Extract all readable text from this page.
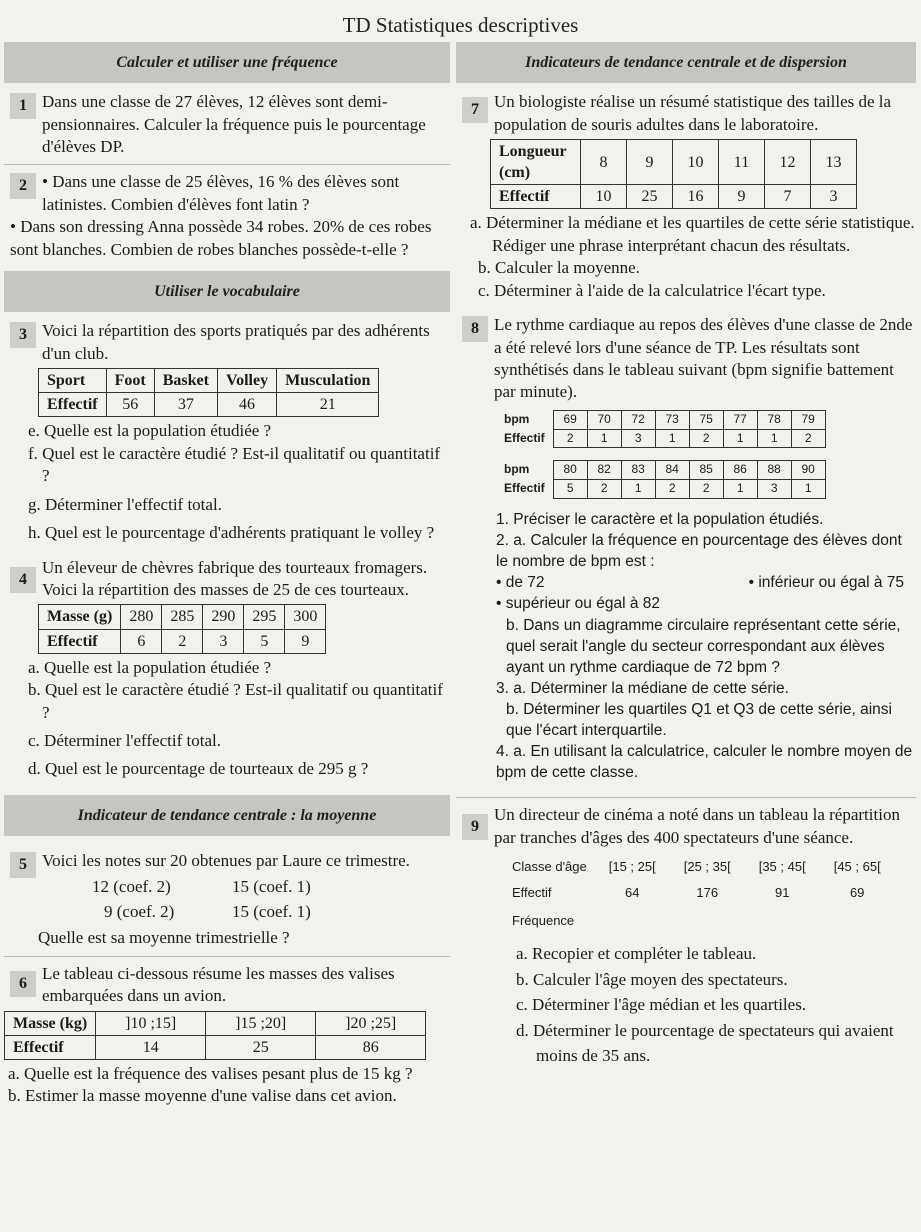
TD Statistiques descriptives
Calculer et utiliser une fréquence
1 Dans une classe de 27 élèves, 12 élèves sont demi-pensionnaires. Calculer la fréquence puis le pourcentage d'élèves DP.
2 • Dans une classe de 25 élèves, 16 % des élèves sont latinistes. Combien d'élèves font latin ?
• Dans son dressing Anna possède 34 robes. 20% de ces robes sont blanches. Combien de robes blanches possède-t-elle ?
Utiliser le vocabulaire
3 Voici la répartition des sports pratiqués par des adhérents d'un club.
Sport	Foot	Basket	Volley	Musculation
Effectif	56	37	46	21
e. Quelle est la population étudiée ?
f. Quel est le caractère étudié ? Est-il qualitatif ou quantitatif ?
g. Déterminer l'effectif total.
h. Quel est le pourcentage d'adhérents pratiquant le volley ?
4
Un éleveur de chèvres fabrique des tourteaux fromagers. Voici la répartition des masses de 25 de ces tourteaux.
Masse (g)	280	285	290	295	300
Effectif	6	2	3	5	9
a. Quelle est la population étudiée ?
b. Quel est le caractère étudié ? Est-il qualitatif ou quantitatif ?
c. Déterminer l'effectif total.
d. Quel est le pourcentage de tourteaux de 295 g ?
Indicateur de tendance centrale : la moyenne
5 Voici les notes sur 20 obtenues par Laure ce trimestre.
12 (coef. 2)	15 (coef. 1)
9 (coef. 2)	15 (coef. 1)
Quelle est sa moyenne trimestrielle ?
6
Le tableau ci-dessous résume les masses des valises embarquées dans un avion.
Masse (kg)	]10 ;15]	]15 ;20]	]20 ;25]
Effectif	14	25	86
a. Quelle est la fréquence des valises pesant plus de 15 kg ?
b. Estimer la masse moyenne d'une valise dans cet avion.
Indicateurs de tendance centrale et de dispersion
7 Un biologiste réalise un résumé statistique des tailles de la population de souris adultes dans le laboratoire.
Longueur (cm)	8	9	10	11	12	13
Effectif	10	25	16	9	7	3
a. Déterminer la médiane et les quartiles de cette série statistique. Rédiger une phrase interprétant chacun des résultats.
b. Calculer la moyenne.
c. Déterminer à l'aide de la calculatrice l'écart type.
8 Le rythme cardiaque au repos des élèves d'une classe de 2nde a été relevé lors d'une séance de TP. Les résultats sont synthétisés dans le tableau suivant (bpm signifie battement par minute).
bpm	69	70	72	73	75	77	78	79
Effectif	2	1	3	1	2	1	1	2
bpm	80	82	83	84	85	86	88	90
Effectif	5	2	1	2	2	1	3	1
1. Préciser le caractère et la population étudiés.
2. a. Calculer la fréquence en pourcentage des élèves dont le nombre de bpm est :
• de 72	• inférieur ou égal à 75
• supérieur ou égal à 82
b. Dans un diagramme circulaire représentant cette série, quel serait l'angle du secteur correspondant aux élèves ayant un rythme cardiaque de 72 bpm ?
3. a. Déterminer la médiane de cette série.
b. Déterminer les quartiles Q1 et Q3 de cette série, ainsi que l'écart interquartile.
4. a. En utilisant la calculatrice, calculer le nombre moyen de bpm de cette classe.
9
Un directeur de cinéma a noté dans un tableau la répartition par tranches d'âges des 400 spectateurs d'une séance.
Classe d'âge	[15 ; 25[	[25 ; 35[	[35 ; 45[	[45 ; 65[
Effectif	64	176	91	69
Fréquence				
a. Recopier et compléter le tableau.
b. Calculer l'âge moyen des spectateurs.
c. Déterminer l'âge médian et les quartiles.
d. Déterminer le pourcentage de spectateurs qui avaient moins de 35 ans.
